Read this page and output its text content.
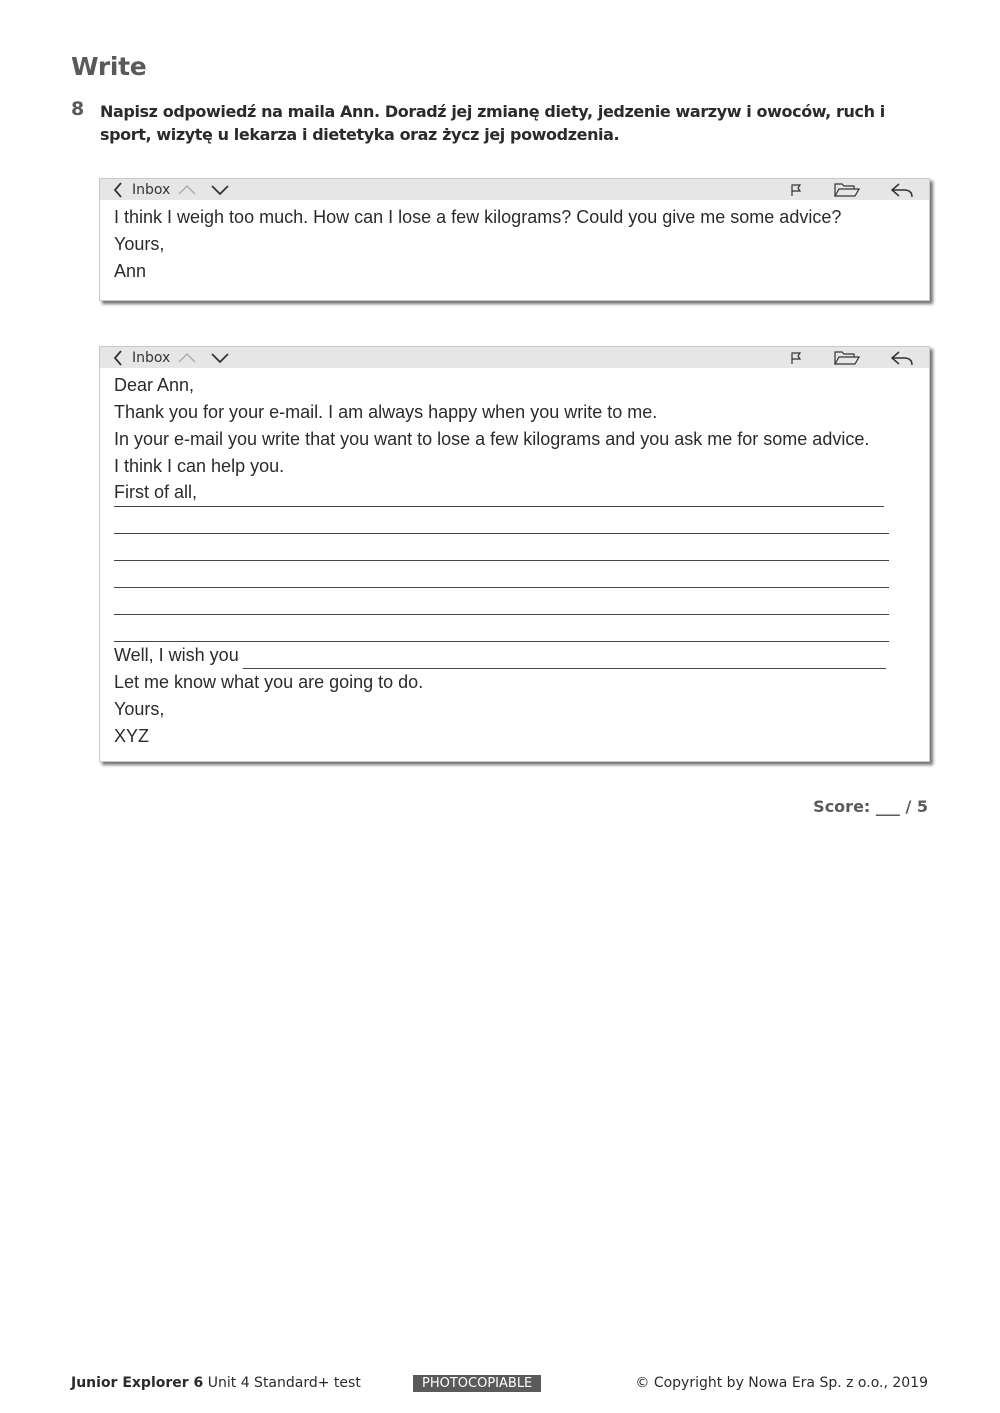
Write
8 Napisz odpowiedź na maila Ann. Doradź jej zmianę diety, jedzenie warzyw i owoców, ruch i sport, wizytę u lekarza i dietetyka oraz życz jej powodzenia.
Inbox
I think I weigh too much. How can I lose a few kilograms? Could you give me some advice?
Yours,
Ann
Inbox
Dear Ann,
Thank you for your e-mail. I am always happy when you write to me.
In your e-mail you write that you want to lose a few kilograms and you ask me for some advice.
I think I can help you.
First of all,
Well, I wish you
Let me know what you are going to do.
Yours,
XYZ
Score: ___ / 5
Junior Explorer 6 Unit 4 Standard+ test	PHOTOCOPIABLE	© Copyright by Nowa Era Sp. z o.o., 2019
